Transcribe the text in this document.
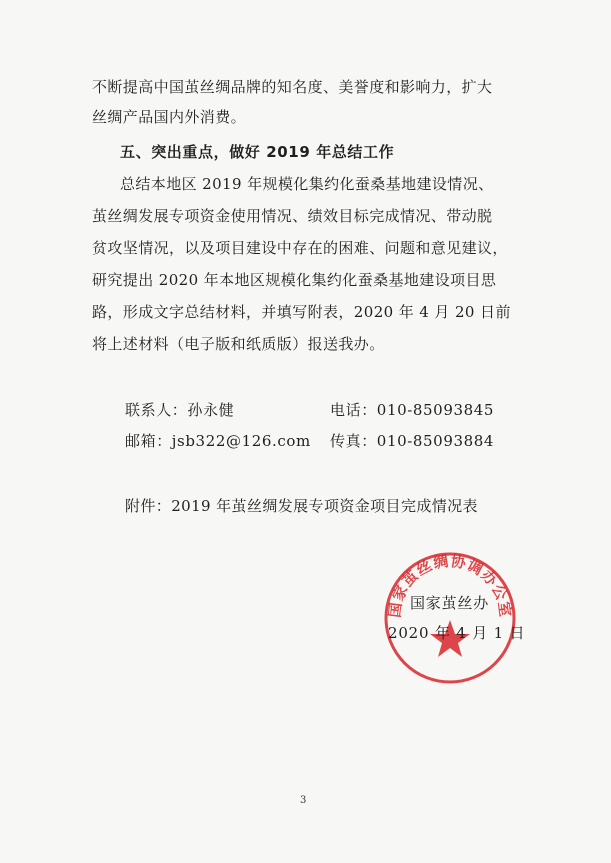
不断提高中国茧丝绸品牌的知名度、美誉度和影响力，扩大
丝绸产品国内外消费。
五、突出重点，做好 2019 年总结工作
总结本地区 2019 年规模化集约化蚕桑基地建设情况、
茧丝绸发展专项资金使用情况、绩效目标完成情况、带动脱
贫攻坚情况，以及项目建设中存在的困难、问题和意见建议，
研究提出 2020 年本地区规模化集约化蚕桑基地建设项目思
路，形成文字总结材料，并填写附表，2020 年 4 月 20 日前
将上述材料（电子版和纸质版）报送我办。
联系人：孙永健	电话：010-85093845
邮箱：jsb322@126.com 传真：010-85093884
附件：2019 年茧丝绸发展专项资金项目完成情况表
国家茧丝绸协调办公室
国家茧丝办
2020 年 4 月 1 日
3
